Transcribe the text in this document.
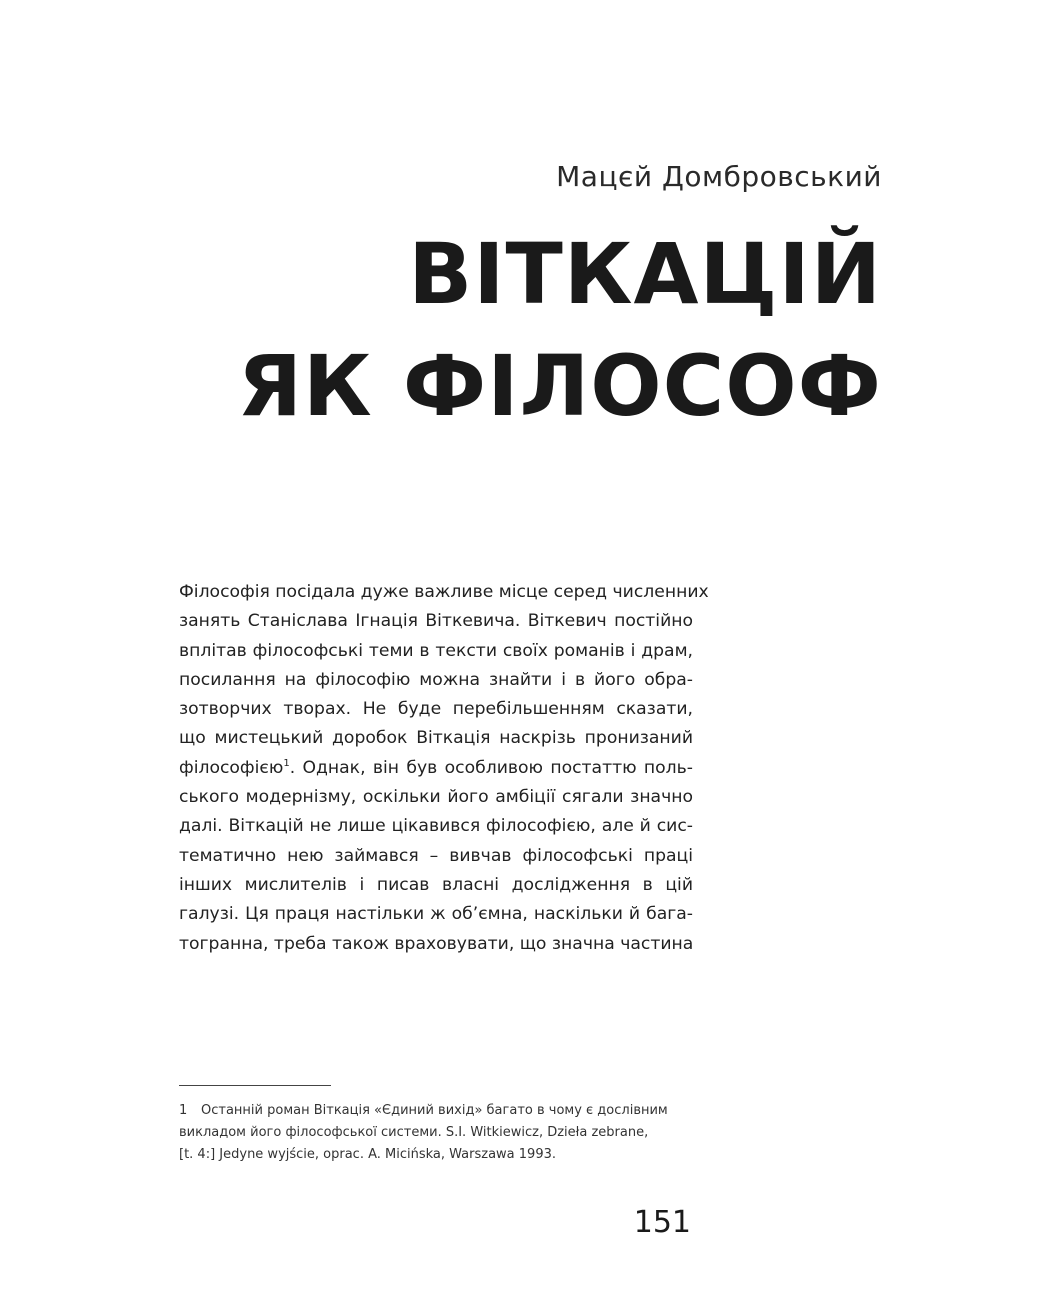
Мацєй Домбровський
ВІТКАЦІЙ
ЯК ФІЛОСОФ
Філософія посідала дуже важливе місце серед численних
занять Станіслава Ігнація Віткевича. Віткевич постійно
вплітав філософські теми в тексти своїх романів і драм,
посилання на філософію можна знайти і в його обра-
зотворчих творах. Не буде перебільшенням сказати,
що мистецький доробок Віткація наскрізь пронизаний
філософією$^1$. Однак, він був особливою постаттю поль-
ського модернізму, оскільки його амбіції сягали значно
далі. Віткацій не лише цікавився філософією, але й сис-
тематично нею займався – вивчав філософські праці
інших мислителів і писав власні дослідження в цій
галузі. Ця праця настільки ж об’ємна, наскільки й бага-
тогранна, треба також враховувати, що значна частина
1 Останній роман Віткація «Єдиний вихід» багато в чому є дослівним
викладом його філософської системи. S.I. Witkiewicz, Dzieła zebrane,
[t. 4:] Jedyne wyjście, oprac. A. Micińska, Warszawa 1993.
151
